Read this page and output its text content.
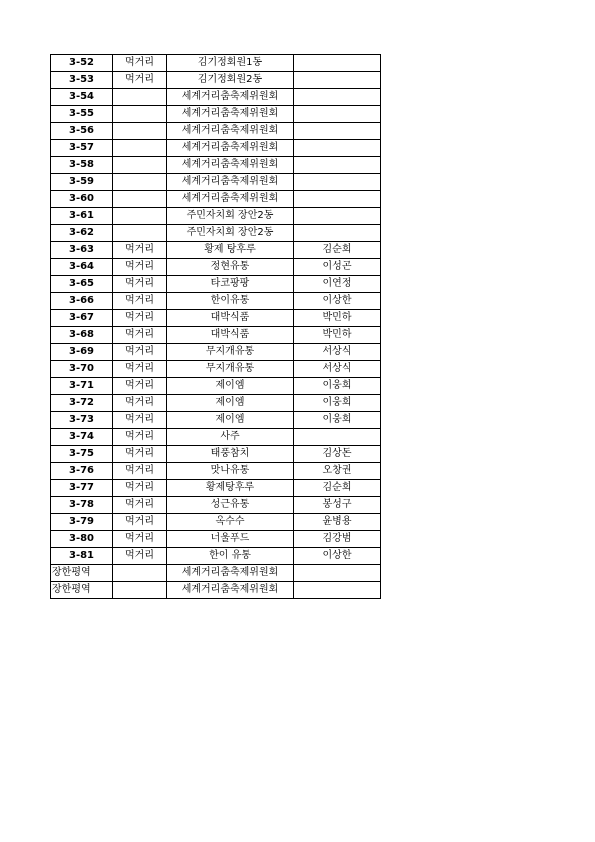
3-52	먹거리	김기정회원1동	
3-53	먹거리	김기정회원2동	
3-54		세계거리춤축제위원회	
3-55		세계거리춤축제위원회	
3-56		세계거리춤축제위원회	
3-57		세계거리춤축제위원회	
3-58		세계거리춤축제위원회	
3-59		세계거리춤축제위원회	
3-60		세계거리춤축제위원회	
3-61		주민자치회 장안2동	
3-62		주민자치회 장안2동	
3-63	먹거리	황제 탕후루	김순희
3-64	먹거리	정현유통	이성곤
3-65	먹거리	타코팡팡	이연정
3-66	먹거리	한이유통	이상한
3-67	먹거리	대박식품	박민하
3-68	먹거리	대박식품	박민하
3-69	먹거리	무지개유통	서상식
3-70	먹거리	무지개유통	서상식
3-71	먹거리	제이엠	이웅희
3-72	먹거리	제이엠	이웅희
3-73	먹거리	제이엠	이웅희
3-74	먹거리	사주	
3-75	먹거리	태풍참치	김상돈
3-76	먹거리	맛나유통	오창권
3-77	먹거리	황제탕후루	김순희
3-78	먹거리	성근유통	봉성구
3-79	먹거리	옥수수	윤병용
3-80	먹거리	너울푸드	김강범
3-81	먹거리	한이 유통	이상한
장한평역		세계거리춤축제위원회	
장한평역		세계거리춤축제위원회	
